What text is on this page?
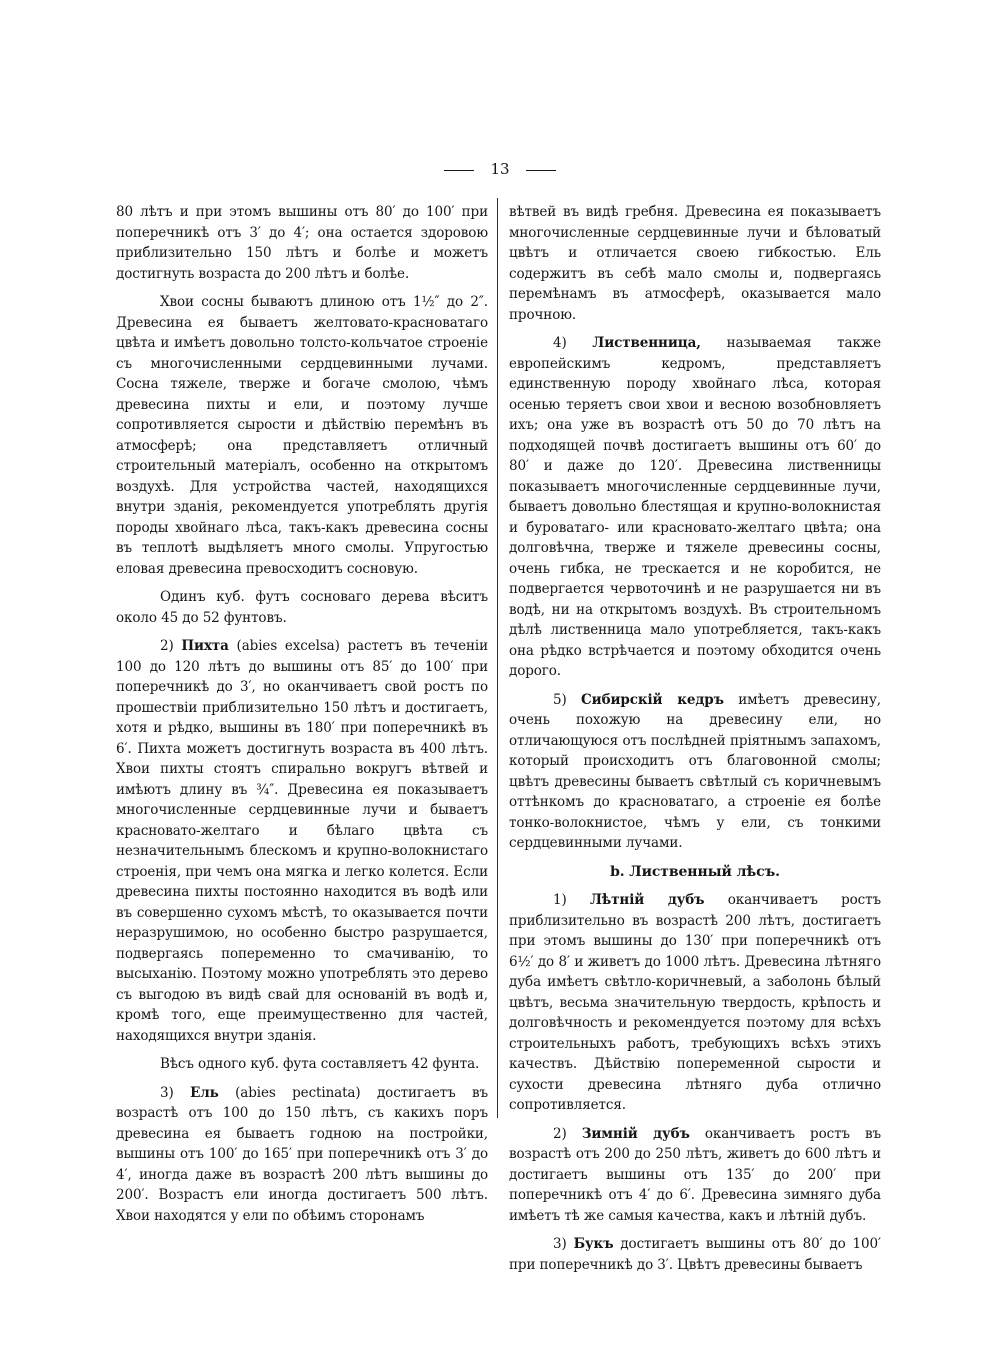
13

80 лѣтъ и при этомъ вышины отъ 80′ до 100′ при поперечникѣ отъ 3′ до 4′; она остается здоровою приблизительно 150 лѣтъ и болѣе и можетъ достигнуть возраста до 200 лѣтъ и болѣе.

Хвои сосны бываютъ длиною отъ 1½″ до 2″. Древесина ея бываетъ желтовато-красноватаго цвѣта и имѣетъ довольно толсто-кольчатое строеніе съ многочисленными сердцевинными лучами. Сосна тяжеле, тверже и богаче смолою, чѣмъ древесина пихты и ели, и поэтому лучше сопротивляется сырости и дѣйствію перемѣнъ въ атмосферѣ; она представляетъ отличный строительный матеріалъ, особенно на открытомъ воздухѣ. Для устройства частей, находящихся внутри зданія, рекомендуется употреблять другія породы хвойнаго лѣса, такъ-какъ древесина сосны въ теплотѣ выдѣляетъ много смолы. Упругостью еловая древесина превосходитъ сосновую.

Одинъ куб. футъ сосноваго дерева вѣситъ около 45 до 52 фунтовъ.

2) Пихта (abies excelsa) растетъ въ теченіи 100 до 120 лѣтъ до вышины отъ 85′ до 100′ при поперечникѣ до 3′, но оканчиваетъ свой ростъ по прошествіи приблизительно 150 лѣтъ и достигаетъ, хотя и рѣдко, вышины въ 180′ при поперечникѣ въ 6′. Пихта можетъ достигнуть возраста въ 400 лѣтъ. Хвои пихты стоятъ спирально вокругъ вѣтвей и имѣютъ длину въ ¾″. Древесина ея показываетъ многочисленные сердцевинные лучи и бываетъ красновато-желтаго и бѣлаго цвѣта съ незначительнымъ блескомъ и крупно-волокнистаго строенія, при чемъ она мягка и легко колется. Если древесина пихты постоянно находится въ водѣ или въ совершенно сухомъ мѣстѣ, то оказывается почти неразрушимою, но особенно быстро разрушается, подвергаясь попеременно то смачиванію, то высыханію. Поэтому можно употреблять это дерево съ выгодою въ видѣ свай для основаній въ водѣ и, кромѣ того, еще преимущественно для частей, находящихся внутри зданія.

Вѣсъ одного куб. фута составляетъ 42 фунта.

3) Ель (abies pectinata) достигаетъ въ возрастѣ отъ 100 до 150 лѣтъ, съ какихъ поръ древесина ея бываетъ годною на постройки, вышины отъ 100′ до 165′ при поперечникѣ отъ 3′ до 4′, иногда даже въ возрастѣ 200 лѣтъ вышины до 200′. Возрастъ ели иногда достигаетъ 500 лѣтъ. Хвои находятся у ели по обѣимъ сторонамъ

вѣтвей въ видѣ гребня. Древесина ея показываетъ многочисленные сердцевинные лучи и бѣловатый цвѣтъ и отличается своею гибкостью. Ель содержитъ въ себѣ мало смолы и, подвергаясь перемѣнамъ въ атмосферѣ, оказывается мало прочною.

4) Лиственница, называемая также европейскимъ кедромъ, представляетъ единственную породу хвойнаго лѣса, которая осенью теряетъ свои хвои и весною возобновляетъ ихъ; она уже въ возрастѣ отъ 50 до 70 лѣтъ на подходящей почвѣ достигаетъ вышины отъ 60′ до 80′ и даже до 120′. Древесина лиственницы показываетъ многочисленные сердцевинные лучи, бываетъ довольно блестящая и крупно-волокнистая и буроватаго- или красновато-желтаго цвѣта; она долговѣчна, тверже и тяжеле древесины сосны, очень гибка, не трескается и не коробится, не подвергается червоточинѣ и не разрушается ни въ водѣ, ни на открытомъ воздухѣ. Въ строительномъ дѣлѣ лиственница мало употребляется, такъ-какъ она рѣдко встрѣчается и поэтому обходится очень дорого.

5) Сибирскій кедръ имѣетъ древесину, очень похожую на древесину ели, но отличающуюся отъ послѣдней пріятнымъ запахомъ, который происходитъ отъ благовонной смолы; цвѣтъ древесины бываетъ свѣтлый съ коричневымъ оттѣнкомъ до красноватаго, а строеніе ея болѣе тонко-волокнистое, чѣмъ у ели, съ тонкими сердцевинными лучами.

b. Лиственный лѣсъ.

1) Лѣтній дубъ оканчиваетъ ростъ приблизительно въ возрастѣ 200 лѣтъ, достигаетъ при этомъ вышины до 130′ при поперечникѣ отъ 6½′ до 8′ и живетъ до 1000 лѣтъ. Древесина лѣтняго дуба имѣетъ свѣтло-коричневый, а заболонь бѣлый цвѣтъ, весьма значительную твердость, крѣпость и долговѣчность и рекомендуется поэтому для всѣхъ строительныхъ работъ, требующихъ всѣхъ этихъ качествъ. Дѣйствію попеременной сырости и сухости древесина лѣтняго дуба отлично сопротивляется.

2) Зимній дубъ оканчиваетъ ростъ въ возрастѣ отъ 200 до 250 лѣтъ, живетъ до 600 лѣтъ и достигаетъ вышины отъ 135′ до 200′ при поперечникѣ отъ 4′ до 6′. Древесина зимняго дуба имѣетъ тѣ же самыя качества, какъ и лѣтній дубъ.

3) Букъ достигаетъ вышины отъ 80′ до 100′ при поперечникѣ до 3′. Цвѣтъ древесины бываетъ
